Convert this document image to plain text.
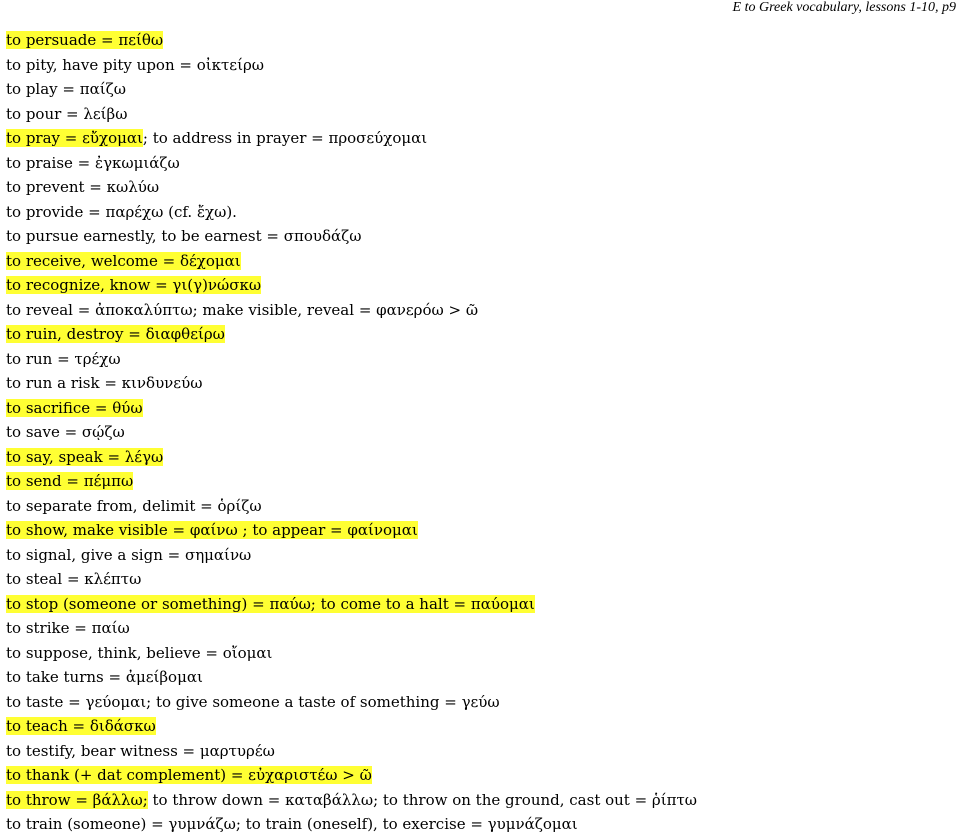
E to Greek vocabulary, lessons 1-10, p9
to persuade = πείθω
to pity, have pity upon = οἰκτείρω
to play = παίζω
to pour = λείβω
to pray = εὔχομαι; to address in prayer = προσεύχομαι
to praise = ἐγκωμιάζω
to prevent = κωλύω
to provide = παρέχω (cf. ἔχω).
to pursue earnestly, to be earnest = σπουδάζω
to receive, welcome = δέχομαι
to recognize, know = γι(γ)νώσκω
to reveal = ἀποκαλύπτω; make visible, reveal = φανερόω > ῶ
to ruin, destroy = διαφθείρω
to run = τρέχω
to run a risk = κινδυνεύω
to sacrifice = θύω
to save = σῴζω
to say, speak = λέγω
to send = πέμπω
to separate from, delimit = ὁρίζω
to show, make visible = φαίνω ; to appear = φαίνομαι
to signal, give a sign = σημαίνω
to steal = κλέπτω
to stop (someone or something) = παύω; to come to a halt = παύομαι
to strike = παίω
to suppose, think, believe = οἴομαι
to take turns = ἀμείβομαι
to taste = γεύομαι; to give someone a taste of something = γεύω
to teach = διδάσκω
to testify, bear witness = μαρτυρέω
to thank (+ dat complement) = εὐχαριστέω > ῶ
to throw = βάλλω; to throw down = καταβάλλω; to throw on the ground, cast out = ῥίπτω
to train (someone) = γυμνάζω; to train (oneself), to exercise = γυμνάζομαι
